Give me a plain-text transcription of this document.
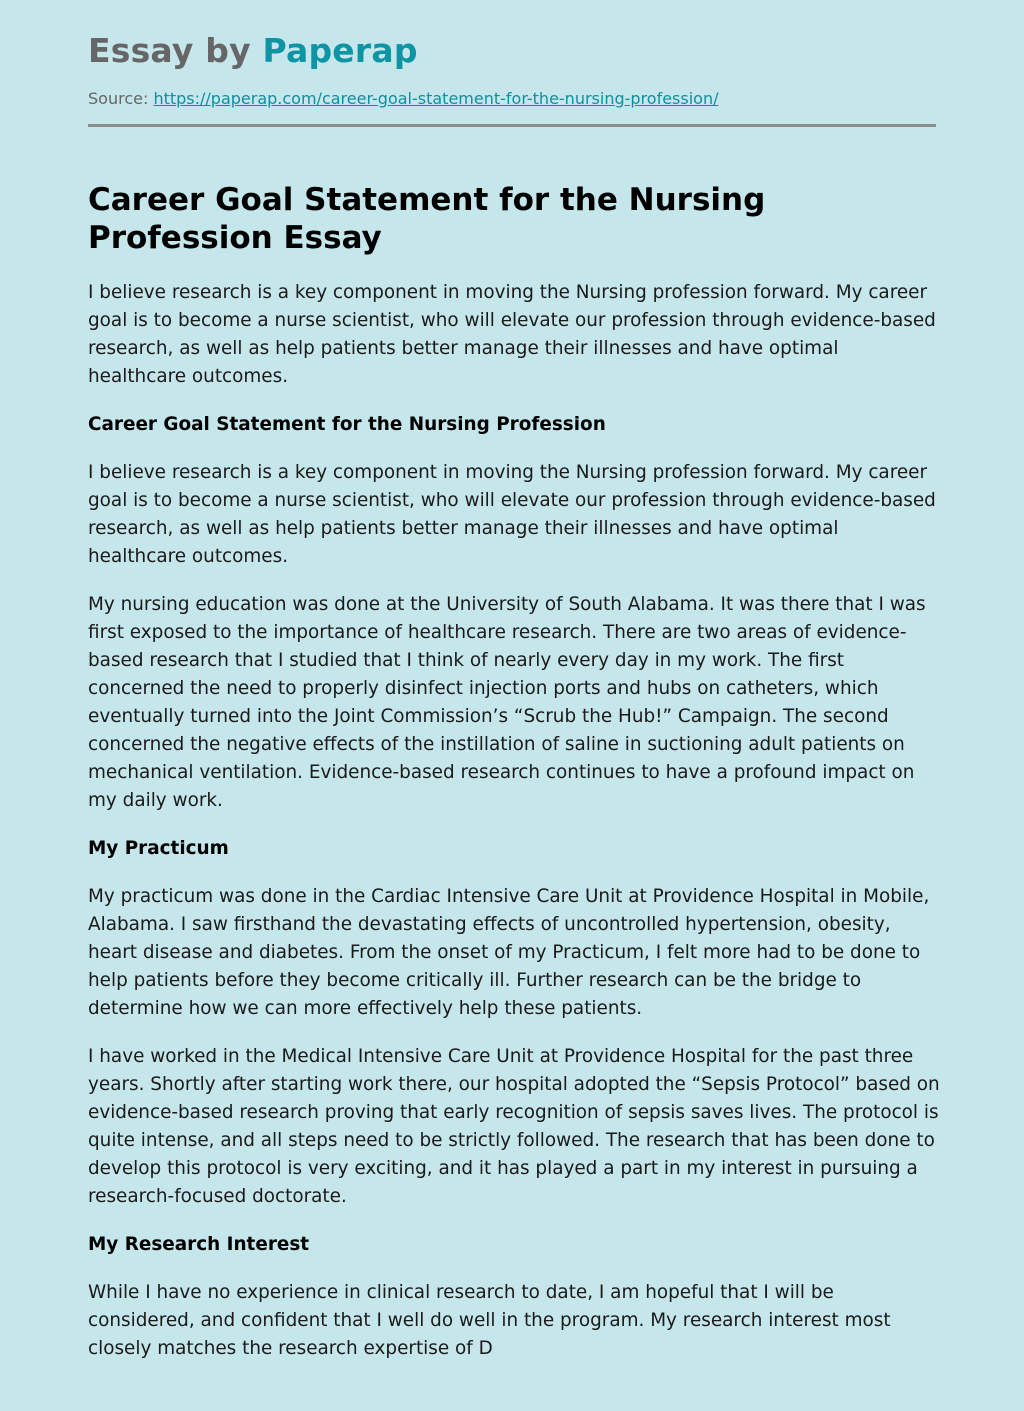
Essay by Paperap
Source: https://paperap.com/career-goal-statement-for-the-nursing-profession/
Career Goal Statement for the Nursing Profession Essay

I believe research is a key component in moving the Nursing profession forward. My career goal is to become a nurse scientist, who will elevate our profession through evidence-based research, as well as help patients better manage their illnesses and have optimal healthcare outcomes.

Career Goal Statement for the Nursing Profession

I believe research is a key component in moving the Nursing profession forward. My career goal is to become a nurse scientist, who will elevate our profession through evidence-based research, as well as help patients better manage their illnesses and have optimal healthcare outcomes.

My nursing education was done at the University of South Alabama. It was there that I was first exposed to the importance of healthcare research. There are two areas of evidence-based research that I studied that I think of nearly every day in my work. The first concerned the need to properly disinfect injection ports and hubs on catheters, which eventually turned into the Joint Commission’s “Scrub the Hub!” Campaign. The second concerned the negative effects of the instillation of saline in suctioning adult patients on mechanical ventilation. Evidence-based research continues to have a profound impact on my daily work.

My Practicum

My practicum was done in the Cardiac Intensive Care Unit at Providence Hospital in Mobile, Alabama. I saw firsthand the devastating effects of uncontrolled hypertension, obesity, heart disease and diabetes. From the onset of my Practicum, I felt more had to be done to help patients before they become critically ill. Further research can be the bridge to determine how we can more effectively help these patients.

I have worked in the Medical Intensive Care Unit at Providence Hospital for the past three years. Shortly after starting work there, our hospital adopted the “Sepsis Protocol” based on evidence-based research proving that early recognition of sepsis saves lives. The protocol is quite intense, and all steps need to be strictly followed. The research that has been done to develop this protocol is very exciting, and it has played a part in my interest in pursuing a research-focused doctorate.

My Research Interest

While I have no experience in clinical research to date, I am hopeful that I will be considered, and confident that I well do well in the program. My research interest most closely matches the research expertise of D
